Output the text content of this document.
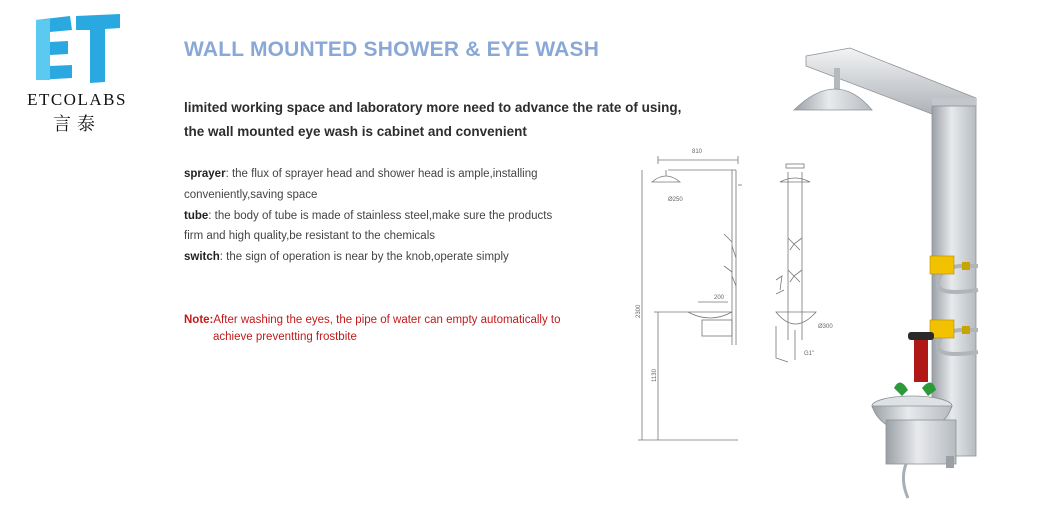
ETCOLABS
言泰
WALL MOUNTED SHOWER & EYE WASH

limited working space and laboratory more need to advance the rate of using,

the wall mounted eye wash is cabinet and convenient

sprayer: the flux of sprayer head and shower head is ample,installing

conveniently,saving space

tube: the body of tube is made of stainless steel,make sure the products

firm and high quality,be resistant to the chemicals

switch: the sign of operation is near by the knob,operate simply

Note:After washing the eyes, the pipe of water can empty automatically to
achieve preventting frostbite
810
Ø250
200
2300
1130
Ø300
G1"
